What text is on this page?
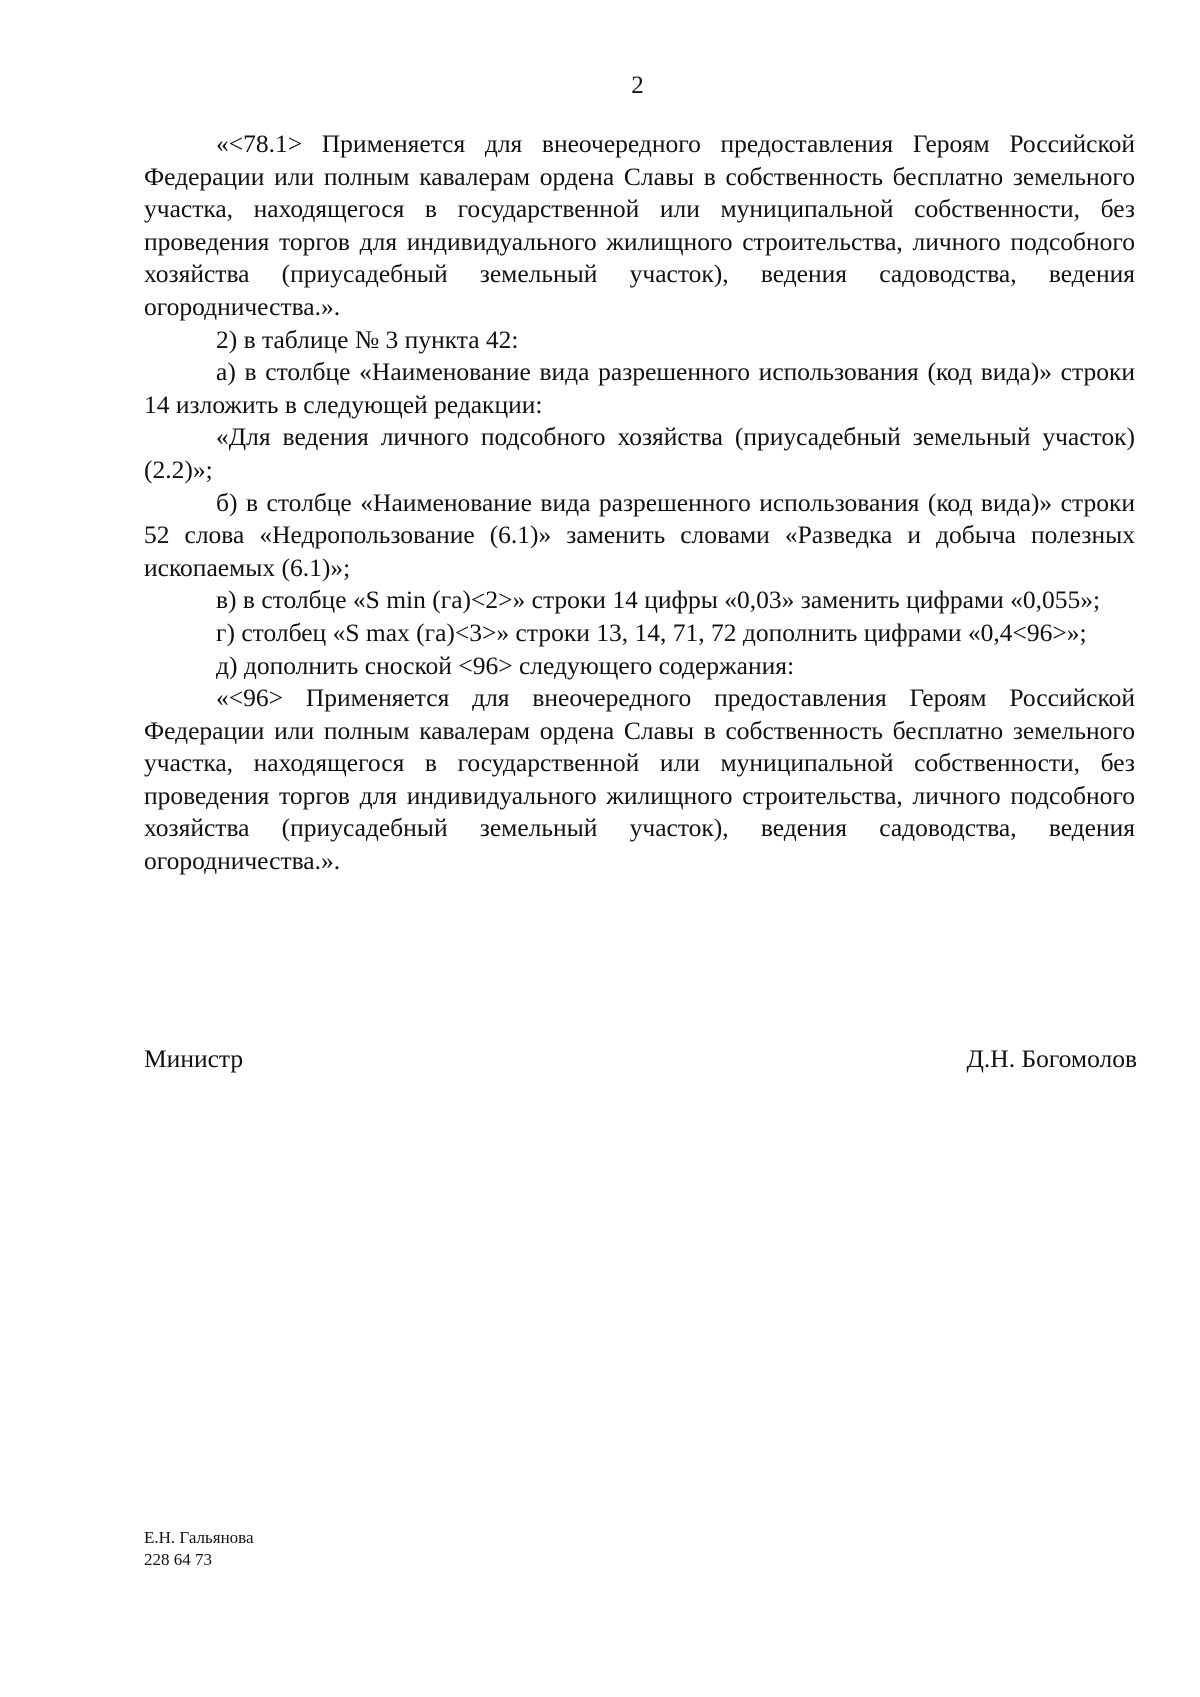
2

«<78.1> Применяется для внеочередного предоставления Героям Российской Федерации или полным кавалерам ордена Славы в собственность бесплатно земельного участка, находящегося в государственной или муниципальной собственности, без проведения торгов для индивидуального жилищного строительства, личного подсобного хозяйства (приусадебный земельный участок), ведения садоводства, ведения огородничества.».

2) в таблице № 3 пункта 42:

а) в столбце «Наименование вида разрешенного использования (код вида)» строки 14 изложить в следующей редакции:

«Для ведения личного подсобного хозяйства (приусадебный земельный участок) (2.2)»;

б) в столбце «Наименование вида разрешенного использования (код вида)» строки 52 слова «Недропользование (6.1)» заменить словами «Разведка и добыча полезных ископаемых (6.1)»;

в) в столбце «S min (га)<2>» строки 14 цифры «0,03» заменить цифрами «0,055»;

г) столбец «S max (га)<3>» строки 13, 14, 71, 72 дополнить цифрами «0,4<96>»;

д) дополнить сноской <96> следующего содержания:

«<96> Применяется для внеочередного предоставления Героям Российской Федерации или полным кавалерам ордена Славы в собственность бесплатно земельного участка, находящегося в государственной или муниципальной собственности, без проведения торгов для индивидуального жилищного строительства, личного подсобного хозяйства (приусадебный земельный участок), ведения садоводства, ведения огородничества.».

Министр	Д.Н. Богомолов
Е.Н. Гальянова
228 64 73
